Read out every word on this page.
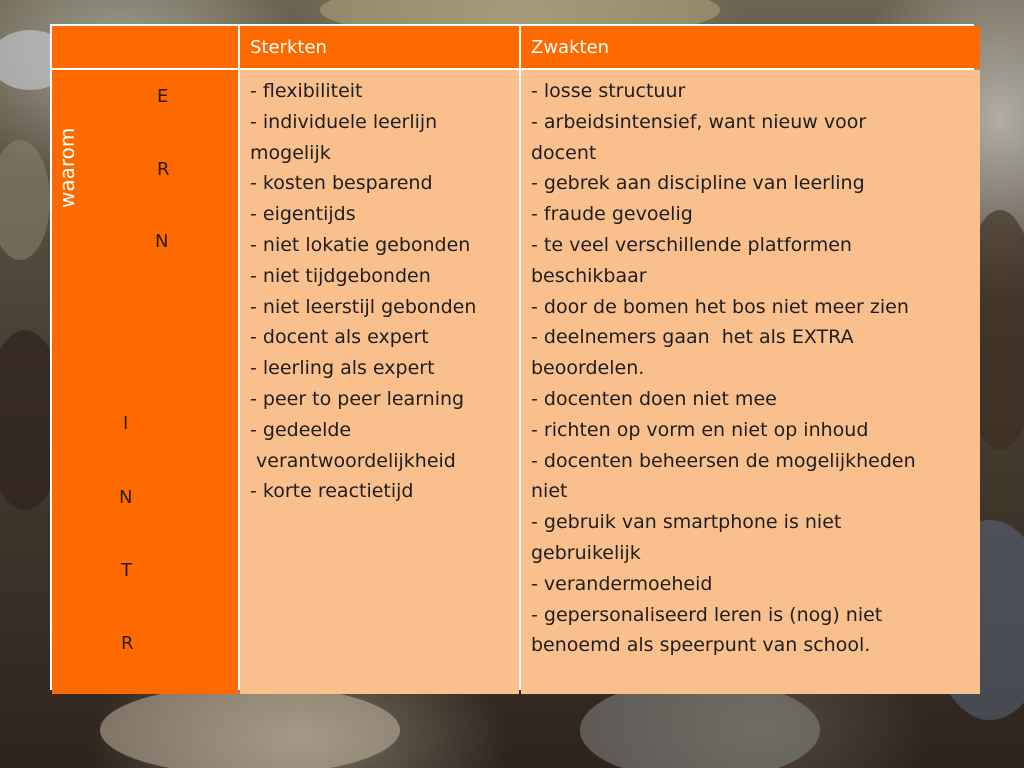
Sterkten	Zwakten
waarom
E
R
N
I
N
T
R
- flexibiliteit
- individuele leerlijn
mogelijk
- kosten besparend
- eigentijds
- niet lokatie gebonden
- niet tijdgebonden
- niet leerstijl gebonden
- docent als expert
- leerling als expert
- peer to peer learning
- gedeelde
verantwoordelijkheid
- korte reactietijd
- losse structuur
- arbeidsintensief, want nieuw voor
docent
- gebrek aan discipline van leerling
- fraude gevoelig
- te veel verschillende platformen
beschikbaar
- door de bomen het bos niet meer zien
- deelnemers gaan  het als EXTRA
beoordelen.
- docenten doen niet mee
- richten op vorm en niet op inhoud
- docenten beheersen de mogelijkheden
niet
- gebruik van smartphone is niet
gebruikelijk
- verandermoeheid
- gepersonaliseerd leren is (nog) niet
benoemd als speerpunt van school.
